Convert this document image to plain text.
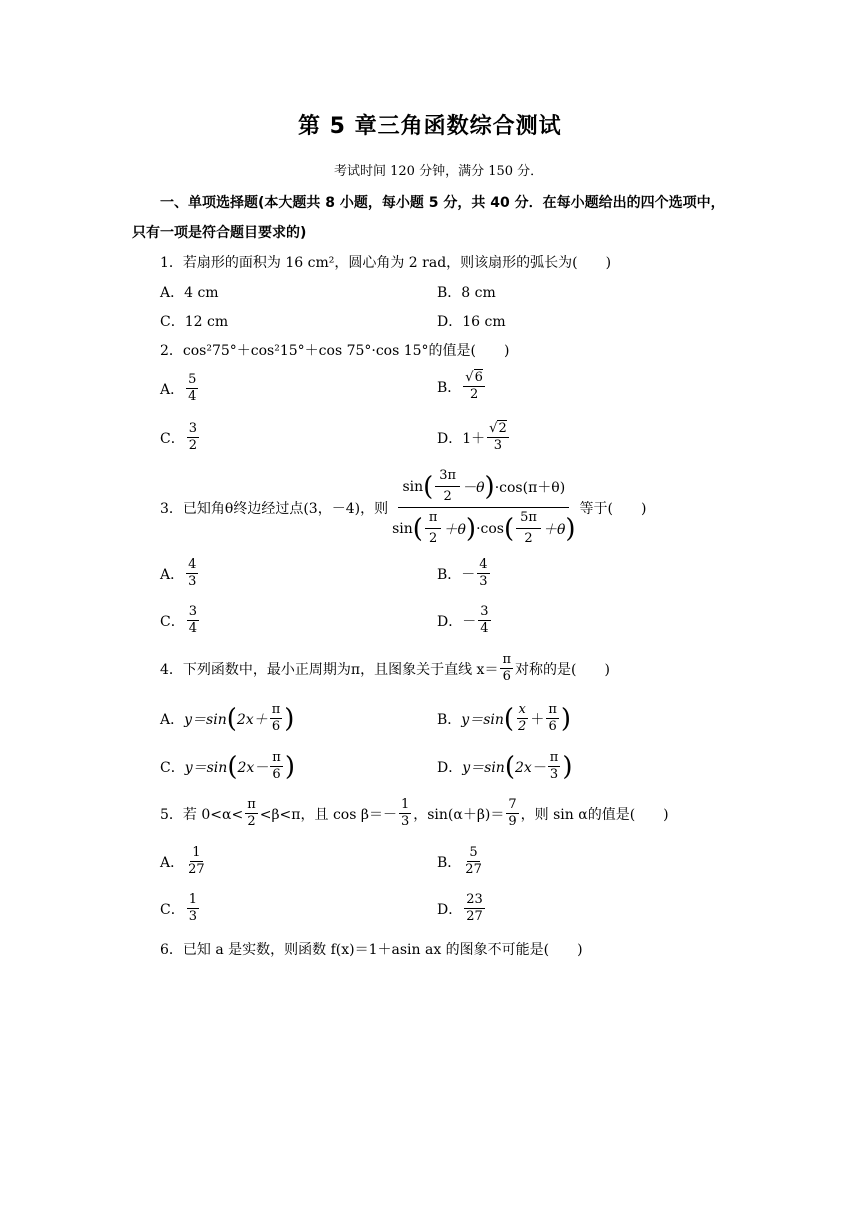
第 5 章三角函数综合测试
考试时间 120 分钟，满分 150 分．
一、单项选择题(本大题共 8 小题，每小题 5 分，共 40 分．在每小题给出的四个选项中，
只有一项是符合题目要求的)
1．若扇形的面积为 16 cm²，圆心角为 2 rad，则该扇形的弧长为(　　)
A．4 cm	B．8 cm
C．12 cm	D．16 cm
2．cos²75°＋cos²15°＋cos 75°·cos 15°的值是(　　)
A． $\frac{5}{4}$	B． $\frac{√6}{2}$
C． $\frac{3}{2}$	D． $1+ \frac{√2}{3}$
3．已知角θ终边经过点(3，－4)，则
sin ( $\frac{3\pi}{2} -\theta$ ) ·cos(π＋θ)
sin ( $\frac{\pi}{2} +\theta$ ) ·cos ( $\frac{5\pi}{2} +\theta$ )
等于(　　)
A． $\frac{4}{3}$	B． － $\frac{4}{3}$
C． $\frac{3}{4}$	D． － $\frac{3}{4}$
4．下列函数中，最小正周期为π，且图象关于直线 $x= \frac{\pi}{6}$ 对称的是(　　)
A． y＝sin ( $2x+ \frac{\pi}{6}$ )	B． y＝sin ( $\frac{x}{2} + \frac{\pi}{6}$ )
C． y＝sin ( $2x- \frac{\pi}{6}$ )	D． y＝sin ( $2x- \frac{\pi}{3}$ )
5．若 $0<\alpha< \frac{\pi}{2} <\beta<\pi$，且 $\cos \beta=- \frac{1}{3}$ ，$\sin(\alpha+\beta)= \frac{7}{9}$ ，则 sin α的值是(　　)
A． $\frac{1}{27}$	B． $\frac{5}{27}$
C． $\frac{1}{3}$	D． $\frac{23}{27}$
6．已知 a 是实数，则函数 f(x)＝1＋asin ax 的图象不可能是(　　)
